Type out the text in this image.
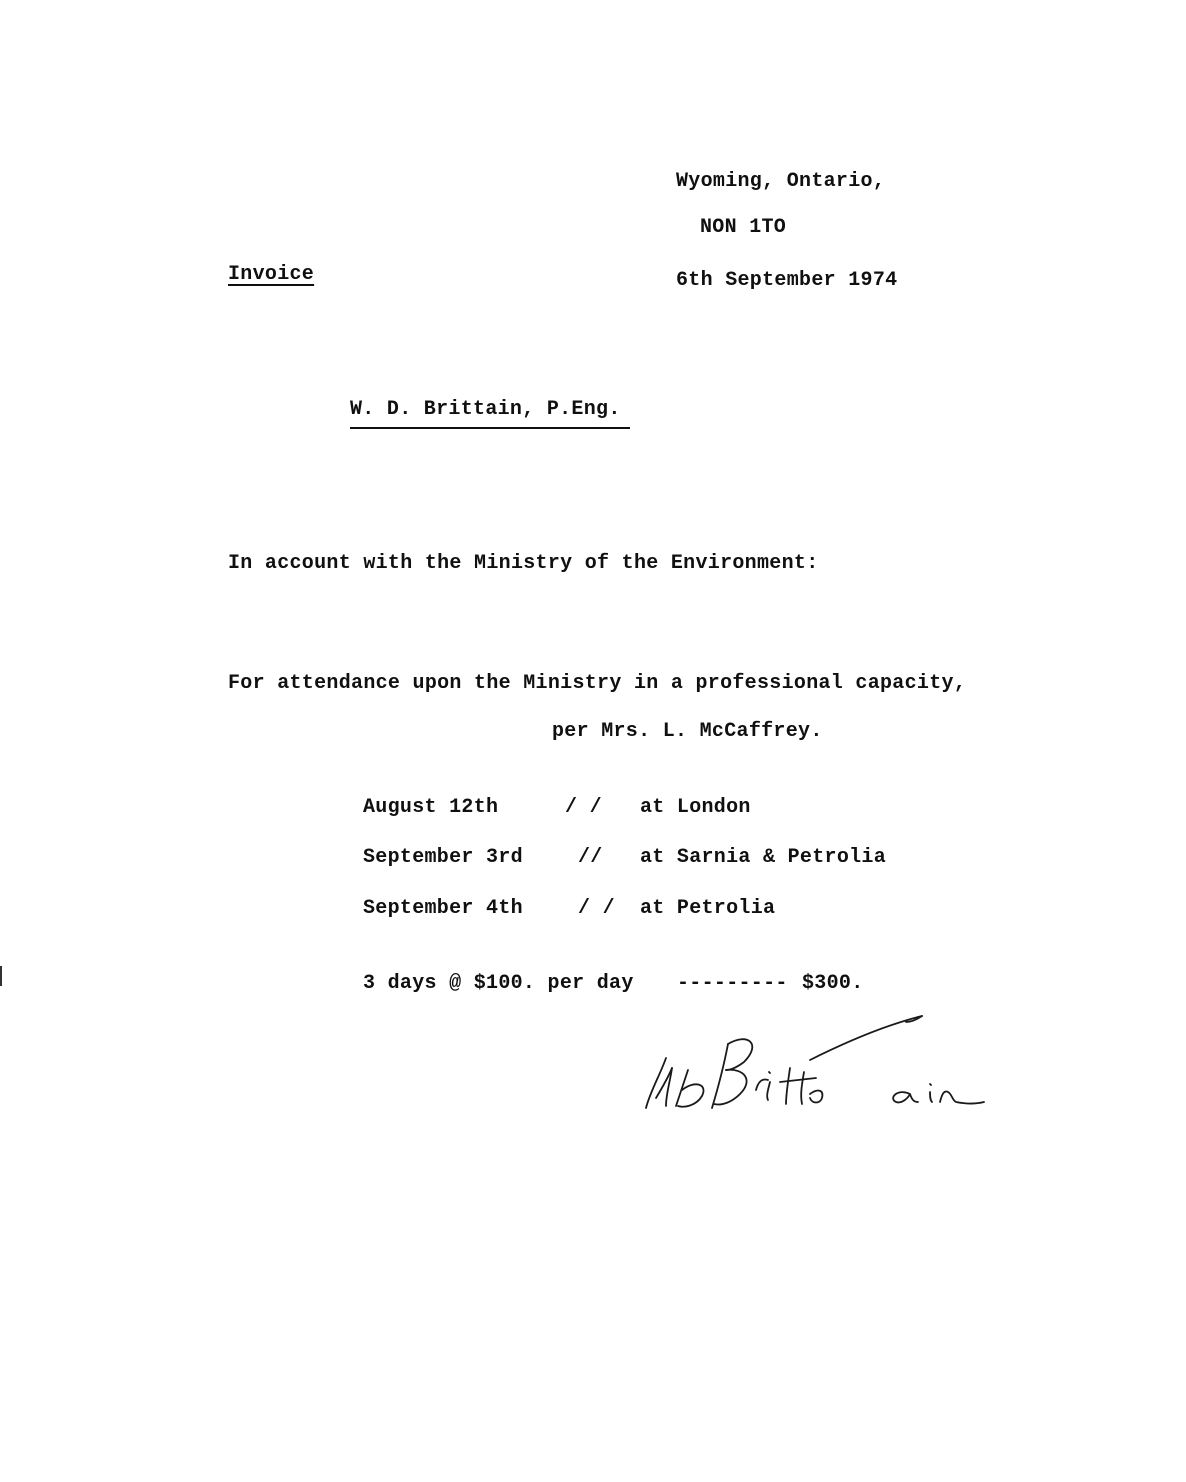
Wyoming, Ontario,
NON 1TO
6th September 1974
Invoice
W. D. Brittain, P.Eng.
In account with the Ministry of the Environment:
For attendance upon the Ministry in a professional capacity,
per Mrs. L. McCaffrey.
August 12th	/ / at London
September 3rd	// at Sarnia & Petrolia
September 4th	/ / at Petrolia
3 days @ $100. per day --------- $300.
